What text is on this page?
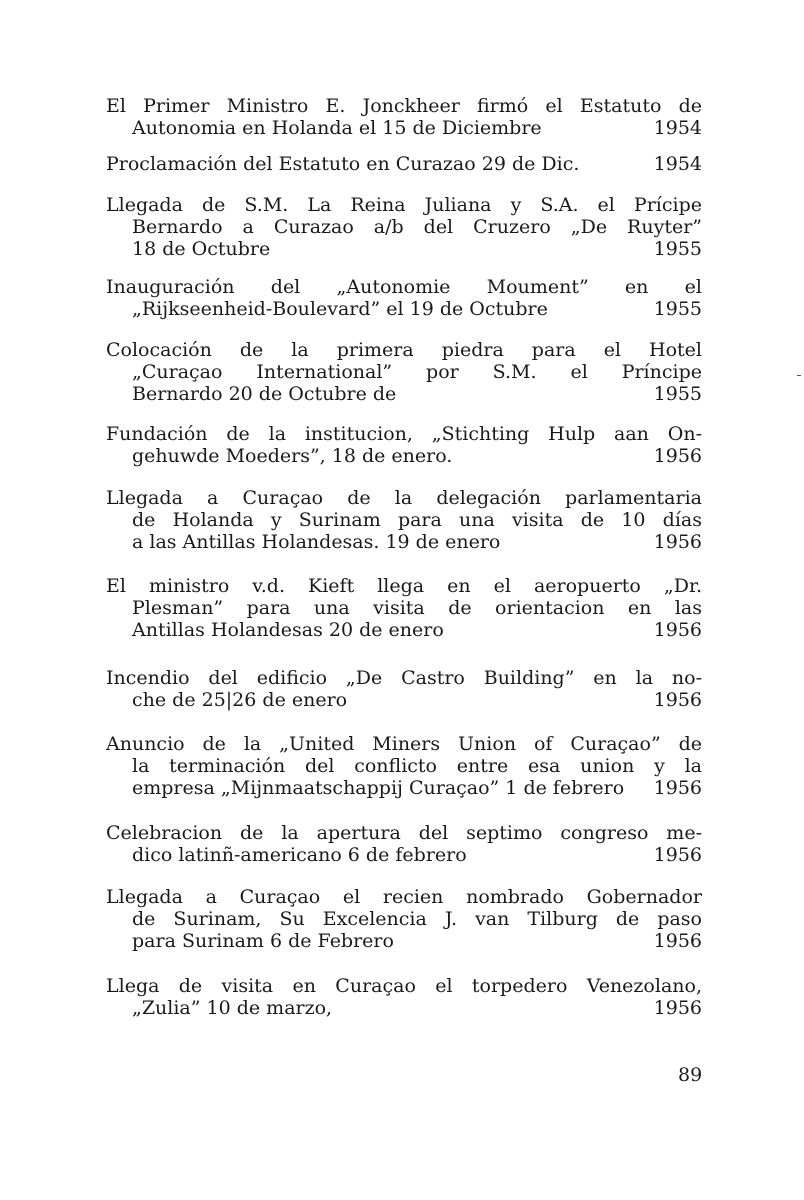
El Primer Ministro E. Jonckheer firmó el Estatuto de
Autonomia en Holanda el 15 de Diciembre	1954
Proclamación del Estatuto en Curazao 29 de Dic.	1954
Llegada de S.M. La Reina Juliana y S.A. el Prícipe
Bernardo a Curazao a/b del Cruzero „De Ruyter”
18 de Octubre	1955
Inauguración del „Autonomie Moument” en el
„Rijkseenheid-Boulevard” el 19 de Octubre	1955
Colocación de la primera piedra para el Hotel
„Curaçao International” por S.M. el Príncipe
Bernardo 20 de Octubre de	1955
Fundación de la institucion, „Stichting Hulp aan On-
gehuwde Moeders”, 18 de enero.	1956
Llegada a Curaçao de la delegación parlamentaria
de Holanda y Surinam para una visita de 10 días
a las Antillas Holandesas. 19 de enero	1956
El ministro v.d. Kieft llega en el aeropuerto „Dr.
Plesman” para una visita de orientacion en las
Antillas Holandesas 20 de enero	1956
Incendio del edificio „De Castro Building” en la no-
che de 25|26 de enero	1956
Anuncio de la „United Miners Union of Curaçao” de
la terminación del conflicto entre esa union y la
empresa „Mijnmaatschappij Curaçao” 1 de febrero 1956
Celebracion de la apertura del septimo congreso me-
dico latinñ-americano 6 de febrero	1956
Llegada a Curaçao el recien nombrado Gobernador
de Surinam, Su Excelencia J. van Tilburg de paso
para Surinam 6 de Febrero	1956
Llega de visita en Curaçao el torpedero Venezolano,
„Zulia” 10 de marzo,	1956
89
